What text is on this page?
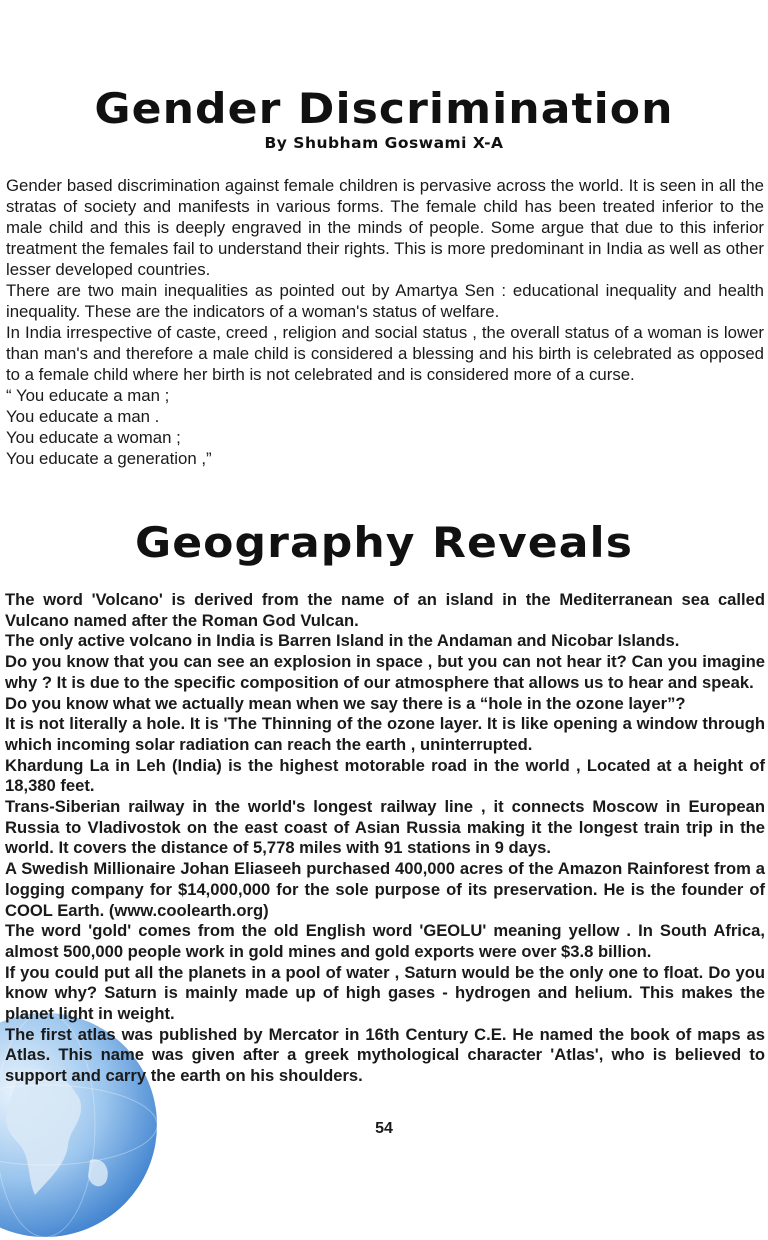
Gender Discrimination
By Shubham Goswami X-A

Gender based discrimination against female children is pervasive across the world. It is seen in all the stratas of society and manifests in various forms. The female child has been treated inferior to the male child and this is deeply engraved in the minds of people. Some argue that due to this inferior treatment the females fail to understand their rights. This is more predominant in India as well as other lesser developed countries.

There are two main inequalities as pointed out by Amartya Sen : educational inequality and health inequality. These are the indicators of a woman's status of welfare.

In India irrespective of caste, creed , religion and social status , the overall status of a woman is lower than man's and therefore a male child is considered a blessing and his birth is celebrated as opposed to a female child where her birth is not celebrated and is considered more of a curse.

“ You educate a man ;

You educate a man .

You educate a woman ;

You educate a generation ,”

Geography Reveals

The word 'Volcano' is derived from the name of an island in the Mediterranean sea called Vulcano named after the Roman God Vulcan.

The only active volcano in India is Barren Island in the Andaman and Nicobar Islands.

Do you know that you can see an explosion in space , but you can not hear it? Can you imagine why ? It is due to the specific composition of our atmosphere that allows us to hear and speak.

Do you know what we actually mean when we say there is a “hole in the ozone layer”?

It is not literally a hole. It is 'The Thinning of the ozone layer. It is like opening a window through which incoming solar radiation can reach the earth , uninterrupted.

Khardung La in Leh (India) is the highest motorable road in the world , Located at a height of 18,380 feet.

Trans-Siberian railway in the world's longest railway line , it connects Moscow in European Russia to Vladivostok on the east coast of Asian Russia making it the longest train trip in the world. It covers the distance of 5,778 miles with 91 stations in 9 days.

A Swedish Millionaire Johan Eliaseeh purchased 400,000 acres of the Amazon Rainforest from a logging company for $14,000,000 for the sole purpose of its preservation. He is the founder of COOL Earth. (www.coolearth.org)

The word 'gold' comes from the old English word 'GEOLU' meaning yellow . In South Africa, almost 500,000 people work in gold mines and gold exports were over $3.8 billion.

If you could put all the planets in a pool of water , Saturn would be the only one to float. Do you know why? Saturn is mainly made up of high gases - hydrogen and helium. This makes the planet light in weight.

The first atlas was published by Mercator in 16th Century C.E. He named the book of maps as Atlas. This name was given after a greek mythological character 'Atlas', who is believed to support and carry the earth on his shoulders.

54
